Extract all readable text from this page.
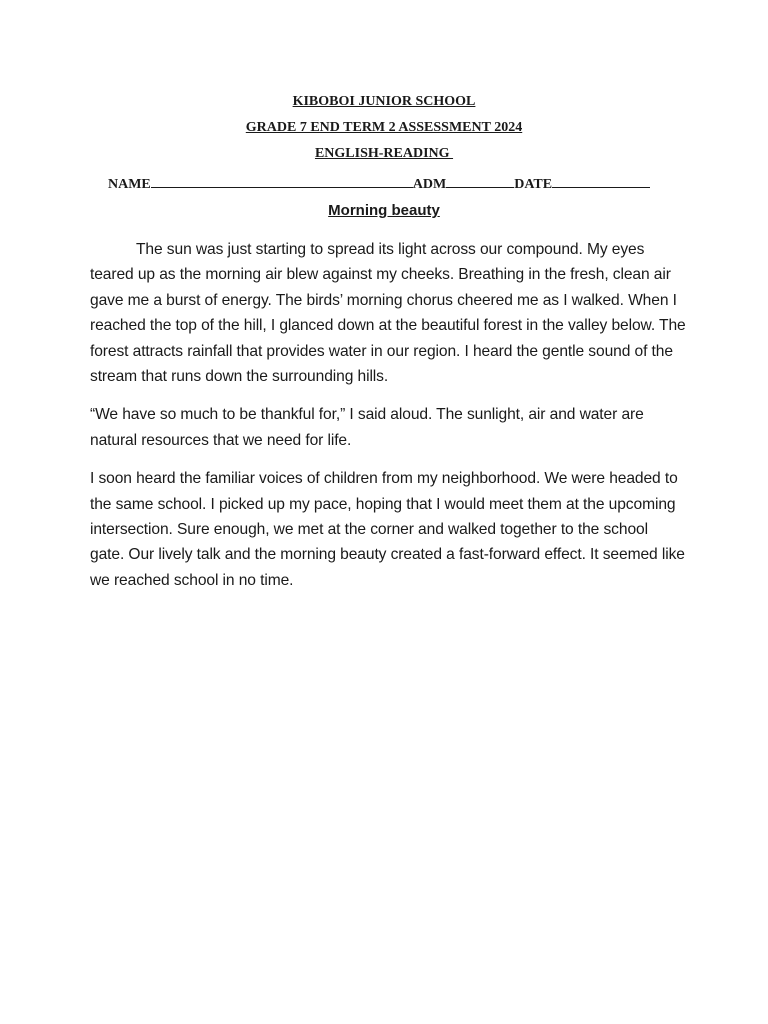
KIBOBOI JUNIOR SCHOOL
GRADE 7 END TERM 2 ASSESSMENT 2024
ENGLISH-READING
NAME	ADM	DATE
Morning beauty

The sun was just starting to spread its light across our compound. My eyes teared up as the morning air blew against my cheeks. Breathing in the fresh, clean air gave me a burst of energy. The birds’ morning chorus cheered me as I walked. When I reached the top of the hill, I glanced down at the beautiful forest in the valley below. The forest attracts rainfall that provides water in our region. I heard the gentle sound of the stream that runs down the surrounding hills.

“We have so much to be thankful for,” I said aloud. The sunlight, air and water are natural resources that we need for life.

I soon heard the familiar voices of children from my neighborhood. We were headed to the same school. I picked up my pace, hoping that I would meet them at the upcoming intersection. Sure enough, we met at the corner and walked together to the school gate. Our lively talk and the morning beauty created a fast-forward effect. It seemed like we reached school in no time.
